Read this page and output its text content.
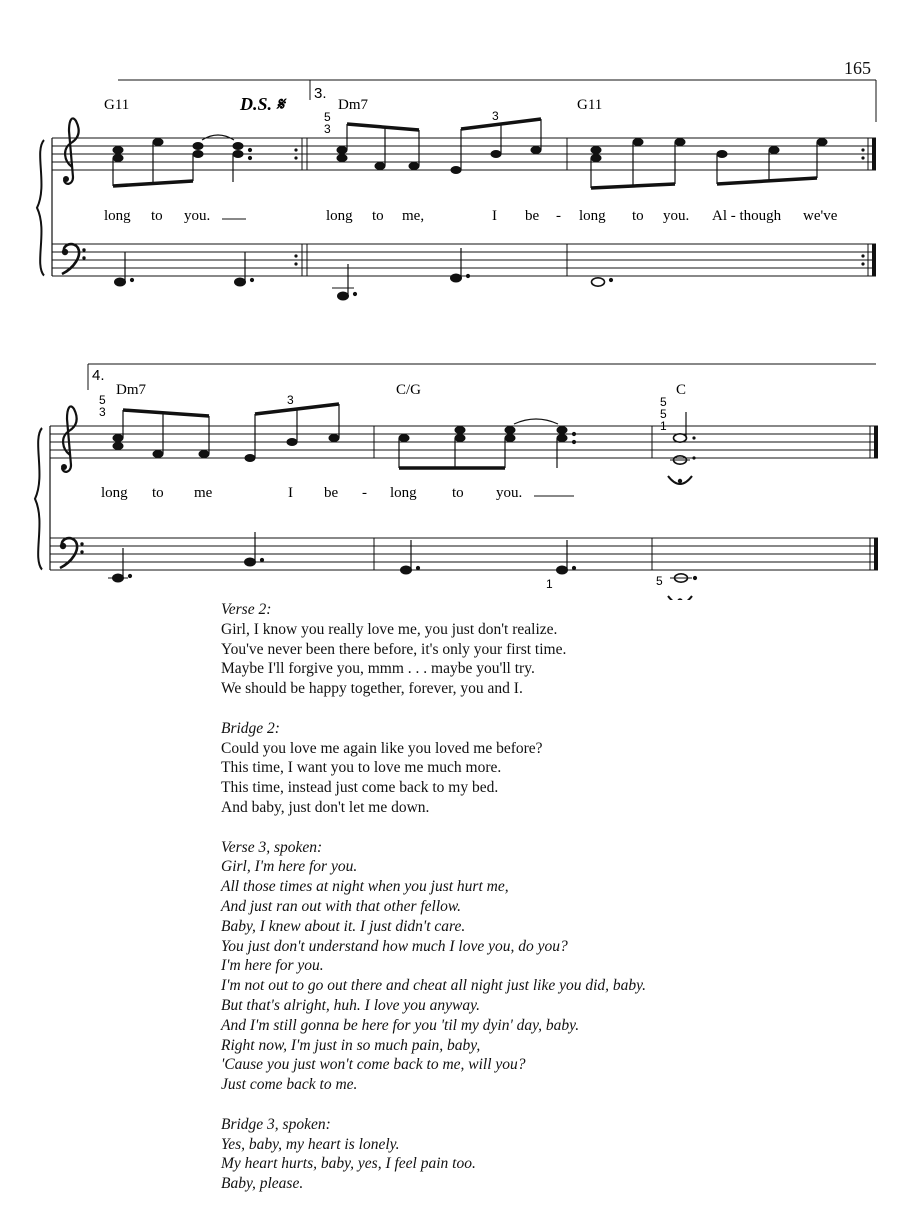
165
G11	Dm7	G11
D.S. 𝄋
3.
5
3
3
long to you.	long to me,	I be - long to you. Al - though we've
4.
Dm7	C/G	C
5
3
3	5
5
1
1	5
long to me	I be - long to you.
Verse 2:
Girl, I know you really love me, you just don't realize.
You've never been there before, it's only your first time.
Maybe I'll forgive you, mmm . . . maybe you'll try.
We should be happy together, forever, you and I.
Bridge 2:
Could you love me again like you loved me before?
This time, I want you to love me much more.
This time, instead just come back to my bed.
And baby, just don't let me down.
Verse 3, spoken:
Girl, I'm here for you.
All those times at night when you just hurt me,
And just ran out with that other fellow.
Baby, I knew about it. I just didn't care.
You just don't understand how much I love you, do you?
I'm here for you.
I'm not out to go out there and cheat all night just like you did, baby.
But that's alright, huh. I love you anyway.
And I'm still gonna be here for you 'til my dyin' day, baby.
Right now, I'm just in so much pain, baby,
'Cause you just won't come back to me, will you?
Just come back to me.
Bridge 3, spoken:
Yes, baby, my heart is lonely.
My heart hurts, baby, yes, I feel pain too.
Baby, please.
